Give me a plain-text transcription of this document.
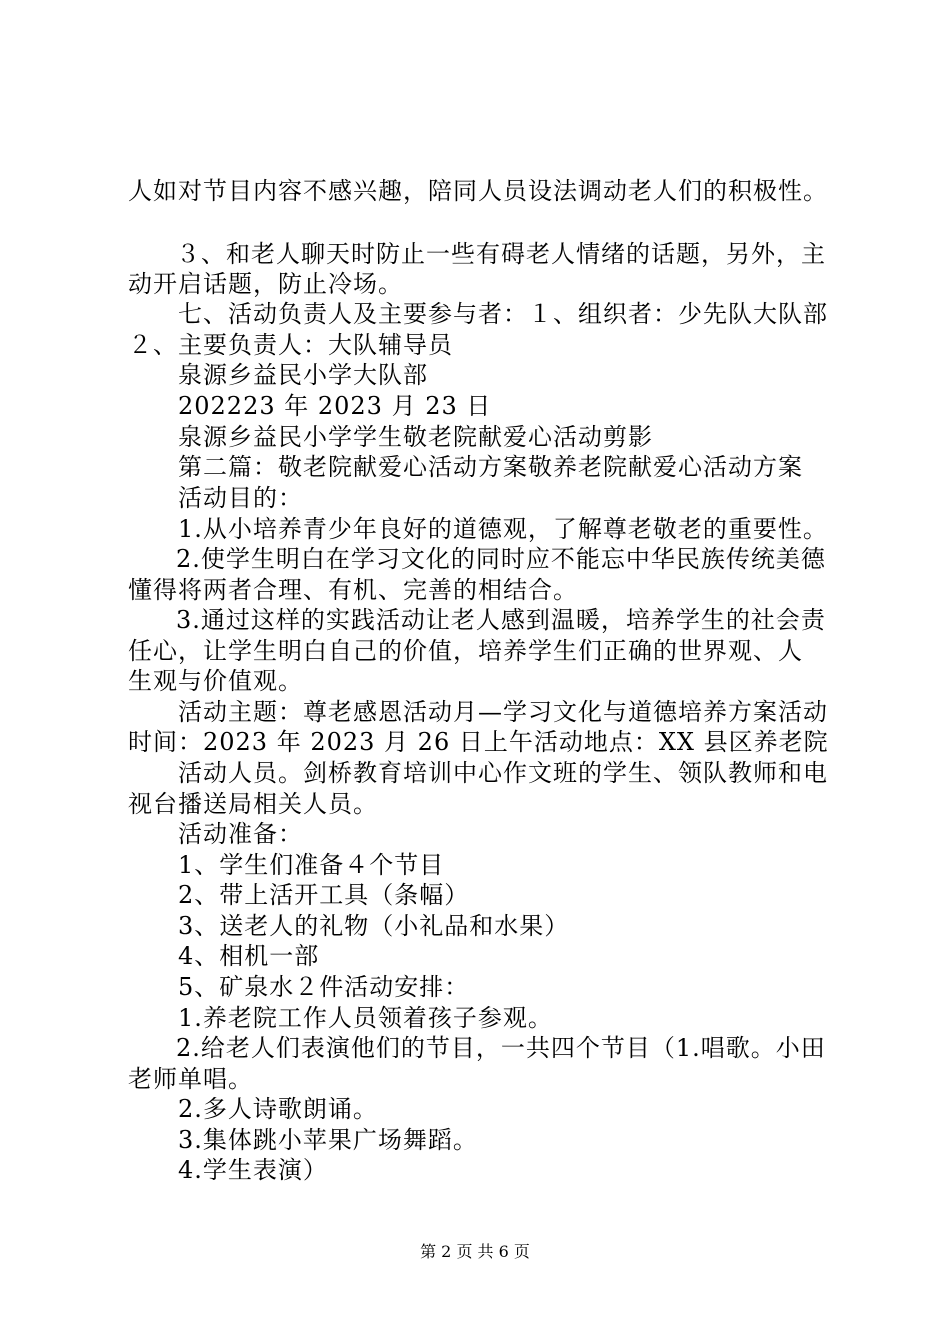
人如对节目内容不感兴趣，陪同人员设法调动老人们的积极性。
３、和老人聊天时防止一些有碍老人情绪的话题，另外，主
动开启话题，防止冷场。
七、活动负责人及主要参与者：１、组织者：少先队大队部
２、主要负责人：大队辅导员
泉源乡益民小学大队部
202223 年 2023 月 23 日
泉源乡益民小学学生敬老院献爱心活动剪影
第二篇：敬老院献爱心活动方案敬养老院献爱心活动方案
活动目的：
1.从小培养青少年良好的道德观，了解尊老敬老的重要性。
2.使学生明白在学习文化的同时应不能忘中华民族传统美德
懂得将两者合理、有机、完善的相结合。
3.通过这样的实践活动让老人感到温暖，培养学生的社会责
任心，让学生明白自己的价值，培养学生们正确的世界观、人
生观与价值观。
活动主题：尊老感恩活动月—学习文化与道德培养方案活动
时间：2023 年 2023 月 26 日上午活动地点：XX 县区养老院
活动人员。剑桥教育培训中心作文班的学生、领队教师和电
视台播送局相关人员。
活动准备：
1、学生们准备４个节目
2、带上活开工具（条幅）
3、送老人的礼物（小礼品和水果）
4、相机一部
5、矿泉水２件活动安排：
1.养老院工作人员领着孩子参观。
2.给老人们表演他们的节目，一共四个节目（1.唱歌。小田
老师单唱。
2.多人诗歌朗诵。
3.集体跳小苹果广场舞蹈。
4.学生表演）
第 2 页 共 6 页
